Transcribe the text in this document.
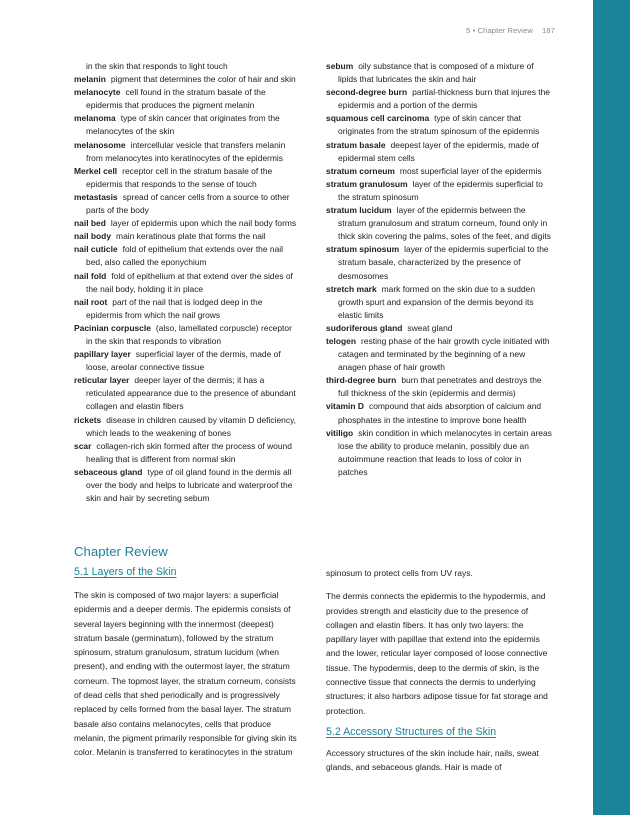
5 • Chapter Review 187

in the skin that responds to light touch

melanin pigment that determines the color of hair and skin

melanocyte cell found in the stratum basale of the epidermis that produces the pigment melanin

melanoma type of skin cancer that originates from the melanocytes of the skin

melanosome intercellular vesicle that transfers melanin from melanocytes into keratinocytes of the epidermis

Merkel cell receptor cell in the stratum basale of the epidermis that responds to the sense of touch

metastasis spread of cancer cells from a source to other parts of the body

nail bed layer of epidermis upon which the nail body forms

nail body main keratinous plate that forms the nail

nail cuticle fold of epithelium that extends over the nail bed, also called the eponychium

nail fold fold of epithelium at that extend over the sides of the nail body, holding it in place

nail root part of the nail that is lodged deep in the epidermis from which the nail grows

Pacinian corpuscle (also, lamellated corpuscle) receptor in the skin that responds to vibration

papillary layer superficial layer of the dermis, made of loose, areolar connective tissue

reticular layer deeper layer of the dermis; it has a reticulated appearance due to the presence of abundant collagen and elastin fibers

rickets disease in children caused by vitamin D deficiency, which leads to the weakening of bones

scar collagen-rich skin formed after the process of wound healing that is different from normal skin

sebaceous gland type of oil gland found in the dermis all over the body and helps to lubricate and waterproof the skin and hair by secreting sebum

sebum oily substance that is composed of a mixture of lipids that lubricates the skin and hair

second-degree burn partial-thickness burn that injures the epidermis and a portion of the dermis

squamous cell carcinoma type of skin cancer that originates from the stratum spinosum of the epidermis

stratum basale deepest layer of the epidermis, made of epidermal stem cells

stratum corneum most superficial layer of the epidermis

stratum granulosum layer of the epidermis superficial to the stratum spinosum

stratum lucidum layer of the epidermis between the stratum granulosum and stratum corneum, found only in thick skin covering the palms, soles of the feet, and digits

stratum spinosum layer of the epidermis superficial to the stratum basale, characterized by the presence of desmosomes

stretch mark mark formed on the skin due to a sudden growth spurt and expansion of the dermis beyond its elastic limits

sudoriferous gland sweat gland

telogen resting phase of the hair growth cycle initiated with catagen and terminated by the beginning of a new anagen phase of hair growth

third-degree burn burn that penetrates and destroys the full thickness of the skin (epidermis and dermis)

vitamin D compound that aids absorption of calcium and phosphates in the intestine to improve bone health

vitiligo skin condition in which melanocytes in certain areas lose the ability to produce melanin, possibly due an autoimmune reaction that leads to loss of color in patches

Chapter Review
5.1 Layers of the Skin

The skin is composed of two major layers: a superficial epidermis and a deeper dermis. The epidermis consists of several layers beginning with the innermost (deepest) stratum basale (germinatum), followed by the stratum spinosum, stratum granulosum, stratum lucidum (when present), and ending with the outermost layer, the stratum corneum. The topmost layer, the stratum corneum, consists of dead cells that shed periodically and is progressively replaced by cells formed from the basal layer. The stratum basale also contains melanocytes, cells that produce melanin, the pigment primarily responsible for giving skin its color. Melanin is transferred to keratinocytes in the stratum

spinosum to protect cells from UV rays.

The dermis connects the epidermis to the hypodermis, and provides strength and elasticity due to the presence of collagen and elastin fibers. It has only two layers: the papillary layer with papillae that extend into the epidermis and the lower, reticular layer composed of loose connective tissue. The hypodermis, deep to the dermis of skin, is the connective tissue that connects the dermis to underlying structures; it also harbors adipose tissue for fat storage and protection.

5.2 Accessory Structures of the Skin

Accessory structures of the skin include hair, nails, sweat glands, and sebaceous glands. Hair is made of
